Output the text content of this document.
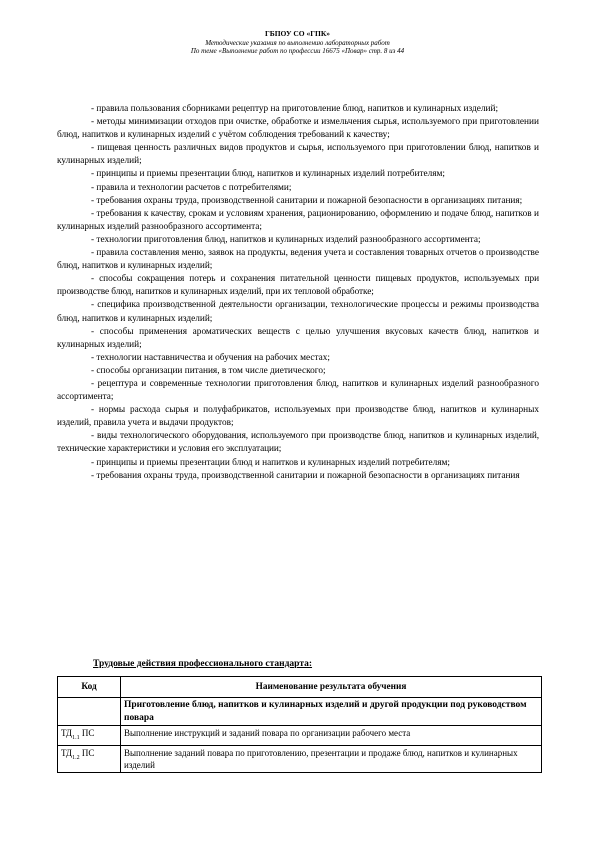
ГБПОУ СО «ГПК»
Методические указания по выполнению лабораторных работ
По теме «Выполнение работ по профессии 16675 «Повар» стр. 8 из 44

- правила пользования сборниками рецептур на приготовление блюд, напитков и кулинарных изделий;

- методы минимизации отходов при очистке, обработке и измельчения сырья, используемого при приготовлении блюд, напитков и кулинарных изделий с учётом соблюдения требований к качеству;

- пищевая ценность различных видов продуктов и сырья, используемого при приготовлении блюд, напитков и кулинарных изделий;

- принципы и приемы презентации блюд, напитков и кулинарных изделий потребителям;

- правила и технологии расчетов с потребителями;

- требования охраны труда, производственной санитарии и пожарной безопасности в организациях питания;

- требования к качеству, срокам и условиям хранения, рационированию, оформлению и подаче блюд, напитков и кулинарных изделий разнообразного ассортимента;

- технологии приготовления блюд, напитков и кулинарных изделий разнообразного ассортимента;

- правила составления меню, заявок на продукты, ведения учета и составления товарных отчетов о производстве блюд, напитков и кулинарных изделий;

- способы сокращения потерь и сохранения питательной ценности пищевых продуктов, используемых при производстве блюд, напитков и кулинарных изделий, при их тепловой обработке;

- специфика производственной деятельности организации, технологические процессы и режимы производства блюд, напитков и кулинарных изделий;

- способы применения ароматических веществ с целью улучшения вкусовых качеств блюд, напитков и кулинарных изделий;

- технологии наставничества и обучения на рабочих местах;

- способы организации питания, в том числе диетического;

- рецептура и современные технологии приготовления блюд, напитков и кулинарных изделий разнообразного ассортимента;

- нормы расхода сырья и полуфабрикатов, используемых при производстве блюд, напитков и кулинарных изделий, правила учета и выдачи продуктов;

- виды технологического оборудования, используемого при производстве блюд, напитков и кулинарных изделий, технические характеристики и условия его эксплуатации;

- принципы и приемы презентации блюд и напитков и кулинарных изделий потребителям;

- требования охраны труда, производственной санитарии и пожарной безопасности в организациях питания

Трудовые действия профессионального стандарта:
Код	Наименование результата обучения
	Приготовление блюд, напитков и кулинарных изделий и другой продукции под руководством повара
$ТД_{1.1}$ ПС	Выполнение инструкций и заданий повара по организации рабочего места
$ТД_{1.2}$ ПС	Выполнение заданий повара по приготовлению, презентации и продаже блюд, напитков и кулинарных изделий
